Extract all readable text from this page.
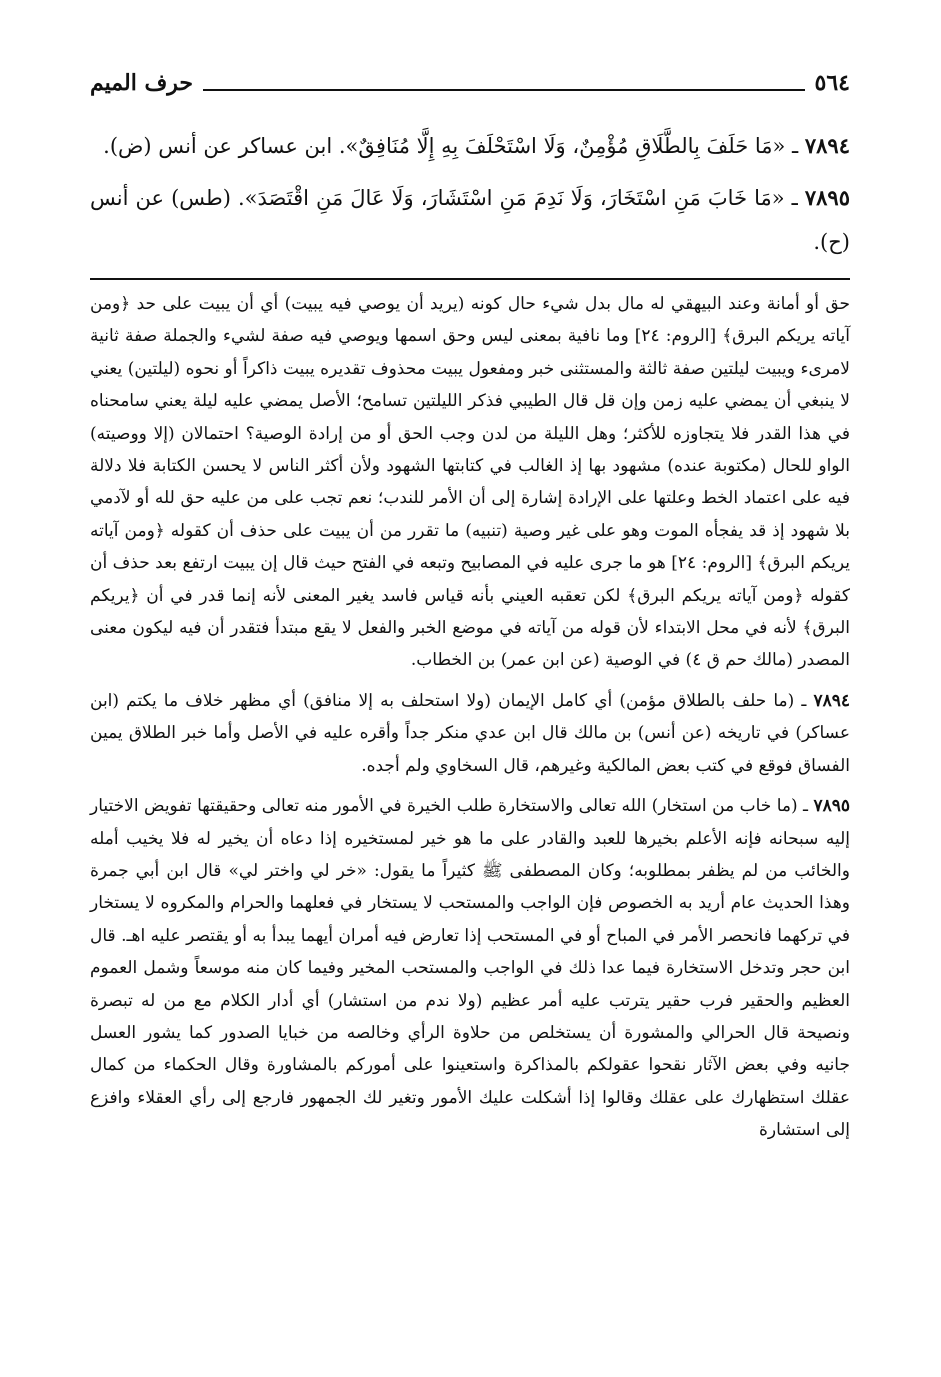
٥٦٤
حرف الميم

٧٨٩٤ ـ «مَا حَلَفَ بِالطَّلَاقِ مُؤْمِنٌ، وَلَا اسْتَحْلَفَ بِهِ إِلَّا مُنَافِقٌ». ابن عساكر عن أنس (ض).

٧٨٩٥ ـ «مَا خَابَ مَنِ اسْتَخَارَ، وَلَا نَدِمَ مَنِ اسْتَشَارَ، وَلَا عَالَ مَنِ اقْتَصَدَ». (طس) عن أنس (ح).

حق أو أمانة وعند البيهقي له مال بدل شيء حال كونه (يريد أن يوصي فيه يبيت) أي أن يبيت على حد ﴿ومن آياته يريكم البرق﴾ [الروم: ٢٤] وما نافية بمعنى ليس وحق اسمها ويوصي فيه صفة لشيء والجملة صفة ثانية لامرىء ويبيت ليلتين صفة ثالثة والمستثنى خبر ومفعول يبيت محذوف تقديره يبيت ذاكراً أو نحوه (ليلتين) يعني لا ينبغي أن يمضي عليه زمن وإن قل قال الطيبي فذكر الليلتين تسامح؛ الأصل يمضي عليه ليلة يعني سامحناه في هذا القدر فلا يتجاوزه للأكثر؛ وهل الليلة من لدن وجب الحق أو من إرادة الوصية؟ احتمالان (إلا ووصيته) الواو للحال (مكتوبة عنده) مشهود بها إذ الغالب في كتابتها الشهود ولأن أكثر الناس لا يحسن الكتابة فلا دلالة فيه على اعتماد الخط وعلتها على الإرادة إشارة إلى أن الأمر للندب؛ نعم تجب على من عليه حق لله أو لآدمي بلا شهود إذ قد يفجأه الموت وهو على غير وصية (تنبيه) ما تقرر من أن يبيت على حذف أن كقوله ﴿ومن آياته يريكم البرق﴾ [الروم: ٢٤] هو ما جرى عليه في المصابيح وتبعه في الفتح حيث قال إن يبيت ارتفع بعد حذف أن كقوله ﴿ومن آياته يريكم البرق﴾ لكن تعقبه العيني بأنه قياس فاسد يغير المعنى لأنه إنما قدر في أن ﴿يريكم البرق﴾ لأنه في محل الابتداء لأن قوله من آياته في موضع الخبر والفعل لا يقع مبتدأ فتقدر أن فيه ليكون معنى المصدر (مالك حم ق ٤) في الوصية (عن ابن عمر) بن الخطاب.

٧٨٩٤ ـ (ما حلف بالطلاق مؤمن) أي كامل الإيمان (ولا استحلف به إلا منافق) أي مظهر خلاف ما يكتم (ابن عساكر) في تاريخه (عن أنس) بن مالك قال ابن عدي منكر جداً وأقره عليه في الأصل وأما خبر الطلاق يمين الفساق فوقع في كتب بعض المالكية وغيرهم، قال السخاوي ولم أجده.

٧٨٩٥ ـ (ما خاب من استخار) الله تعالى والاستخارة طلب الخيرة في الأمور منه تعالى وحقيقتها تفويض الاختيار إليه سبحانه فإنه الأعلم بخيرها للعبد والقادر على ما هو خير لمستخيره إذا دعاه أن يخير له فلا يخيب أمله والخائب من لم يظفر بمطلوبه؛ وكان المصطفى ﷺ كثيراً ما يقول: «خر لي واختر لي» قال ابن أبي جمرة وهذا الحديث عام أريد به الخصوص فإن الواجب والمستحب لا يستخار في فعلهما والحرام والمكروه لا يستخار في تركهما فانحصر الأمر في المباح أو في المستحب إذا تعارض فيه أمران أيهما يبدأ به أو يقتصر عليه اهـ. قال ابن حجر وتدخل الاستخارة فيما عدا ذلك في الواجب والمستحب المخير وفيما كان منه موسعاً وشمل العموم العظيم والحقير فرب حقير يترتب عليه أمر عظيم (ولا ندم من استشار) أي أدار الكلام مع من له تبصرة ونصيحة قال الحرالي والمشورة أن يستخلص من حلاوة الرأي وخالصه من خبايا الصدور كما يشور العسل جانيه وفي بعض الآثار نقحوا عقولكم بالمذاكرة واستعينوا على أموركم بالمشاورة وقال الحكماء من كمال عقلك استظهارك على عقلك وقالوا إذا أشكلت عليك الأمور وتغير لك الجمهور فارجع إلى رأي العقلاء وافزع إلى استشارة
